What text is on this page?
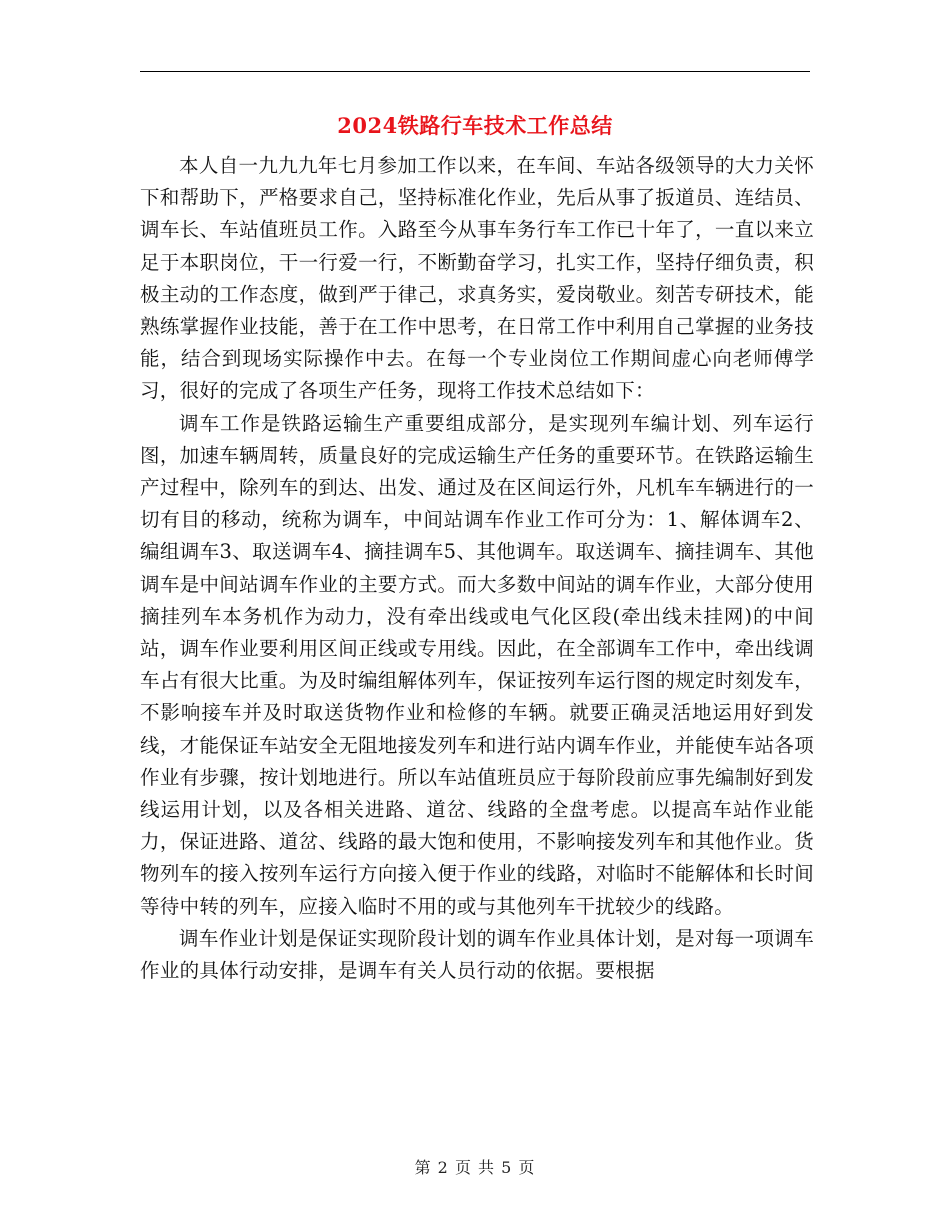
2024铁路行车技术工作总结

本人自一九九九年七月参加工作以来，在车间、车站各级领导的大力关怀下和帮助下，严格要求自己，坚持标准化作业，先后从事了扳道员、连结员、调车长、车站值班员工作。入路至今从事车务行车工作已十年了，一直以来立足于本职岗位，干一行爱一行，不断勤奋学习，扎实工作，坚持仔细负责，积极主动的工作态度，做到严于律己，求真务实，爱岗敬业。刻苦专研技术，能熟练掌握作业技能，善于在工作中思考，在日常工作中利用自己掌握的业务技能，结合到现场实际操作中去。在每一个专业岗位工作期间虚心向老师傅学习，很好的完成了各项生产任务，现将工作技术总结如下：

调车工作是铁路运输生产重要组成部分，是实现列车编计划、列车运行图，加速车辆周转，质量良好的完成运输生产任务的重要环节。在铁路运输生产过程中，除列车的到达、出发、通过及在区间运行外，凡机车车辆进行的一切有目的移动，统称为调车，中间站调车作业工作可分为：1、解体调车2、编组调车3、取送调车4、摘挂调车5、其他调车。取送调车、摘挂调车、其他调车是中间站调车作业的主要方式。而大多数中间站的调车作业，大部分使用摘挂列车本务机作为动力，没有牵出线或电气化区段(牵出线未挂网)的中间站，调车作业要利用区间正线或专用线。因此，在全部调车工作中，牵出线调车占有很大比重。为及时编组解体列车，保证按列车运行图的规定时刻发车，不影响接车并及时取送货物作业和检修的车辆。就要正确灵活地运用好到发线，才能保证车站安全无阻地接发列车和进行站内调车作业，并能使车站各项作业有步骤，按计划地进行。所以车站值班员应于每阶段前应事先编制好到发线运用计划，以及各相关进路、道岔、线路的全盘考虑。以提高车站作业能力，保证进路、道岔、线路的最大饱和使用，不影响接发列车和其他作业。货物列车的接入按列车运行方向接入便于作业的线路，对临时不能解体和长时间等待中转的列车，应接入临时不用的或与其他列车干扰较少的线路。

调车作业计划是保证实现阶段计划的调车作业具体计划，是对每一项调车作业的具体行动安排，是调车有关人员行动的依据。要根据

第 2 页 共 5 页
